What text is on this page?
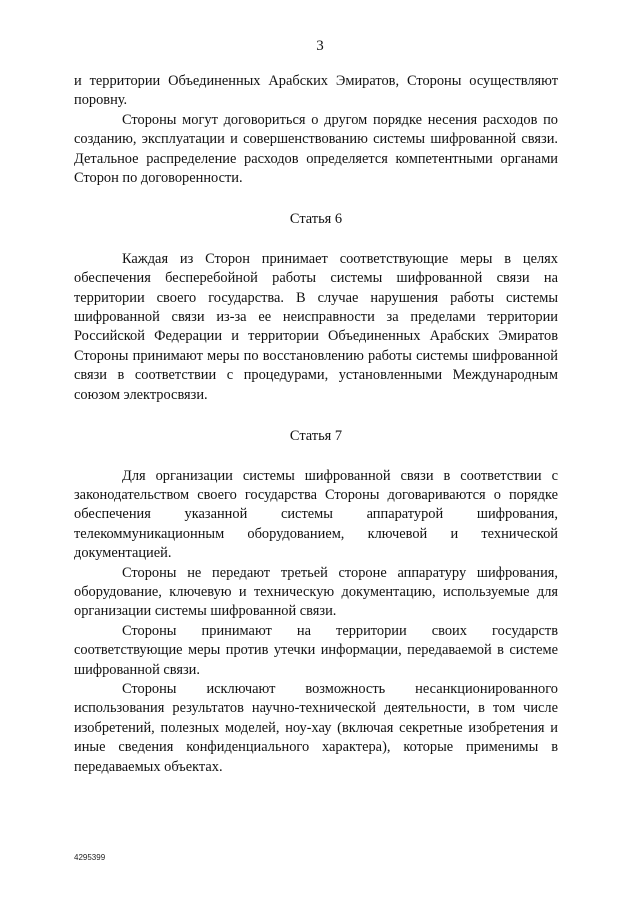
3

и территории Объединенных Арабских Эмиратов, Стороны осуществляют поровну.

Стороны могут договориться о другом порядке несения расходов по созданию, эксплуатации и совершенствованию системы шифрованной связи. Детальное распределение расходов определяется компетентными органами Сторон по договоренности.

Статья 6

Каждая из Сторон принимает соответствующие меры в целях обеспечения бесперебойной работы системы шифрованной связи на территории своего государства. В случае нарушения работы системы шифрованной связи из-за ее неисправности за пределами территории Российской Федерации и территории Объединенных Арабских Эмиратов Стороны принимают меры по восстановлению работы системы шифрованной связи в соответствии с процедурами, установленными Международным союзом электросвязи.

Статья 7

Для организации системы шифрованной связи в соответствии с законодательством своего государства Стороны договариваются о порядке обеспечения указанной системы аппаратурой шифрования, телекоммуникационным оборудованием, ключевой и технической документацией.

Стороны не передают третьей стороне аппаратуру шифрования, оборудование, ключевую и техническую документацию, используемые для организации системы шифрованной связи.

Стороны принимают на территории своих государств соответствующие меры против утечки информации, передаваемой в системе шифрованной связи.

Стороны исключают возможность несанкционированного использования результатов научно-технической деятельности, в том числе изобретений, полезных моделей, ноу-хау (включая секретные изобретения и иные сведения конфиденциального характера), которые применимы в передаваемых объектах.

4295399
